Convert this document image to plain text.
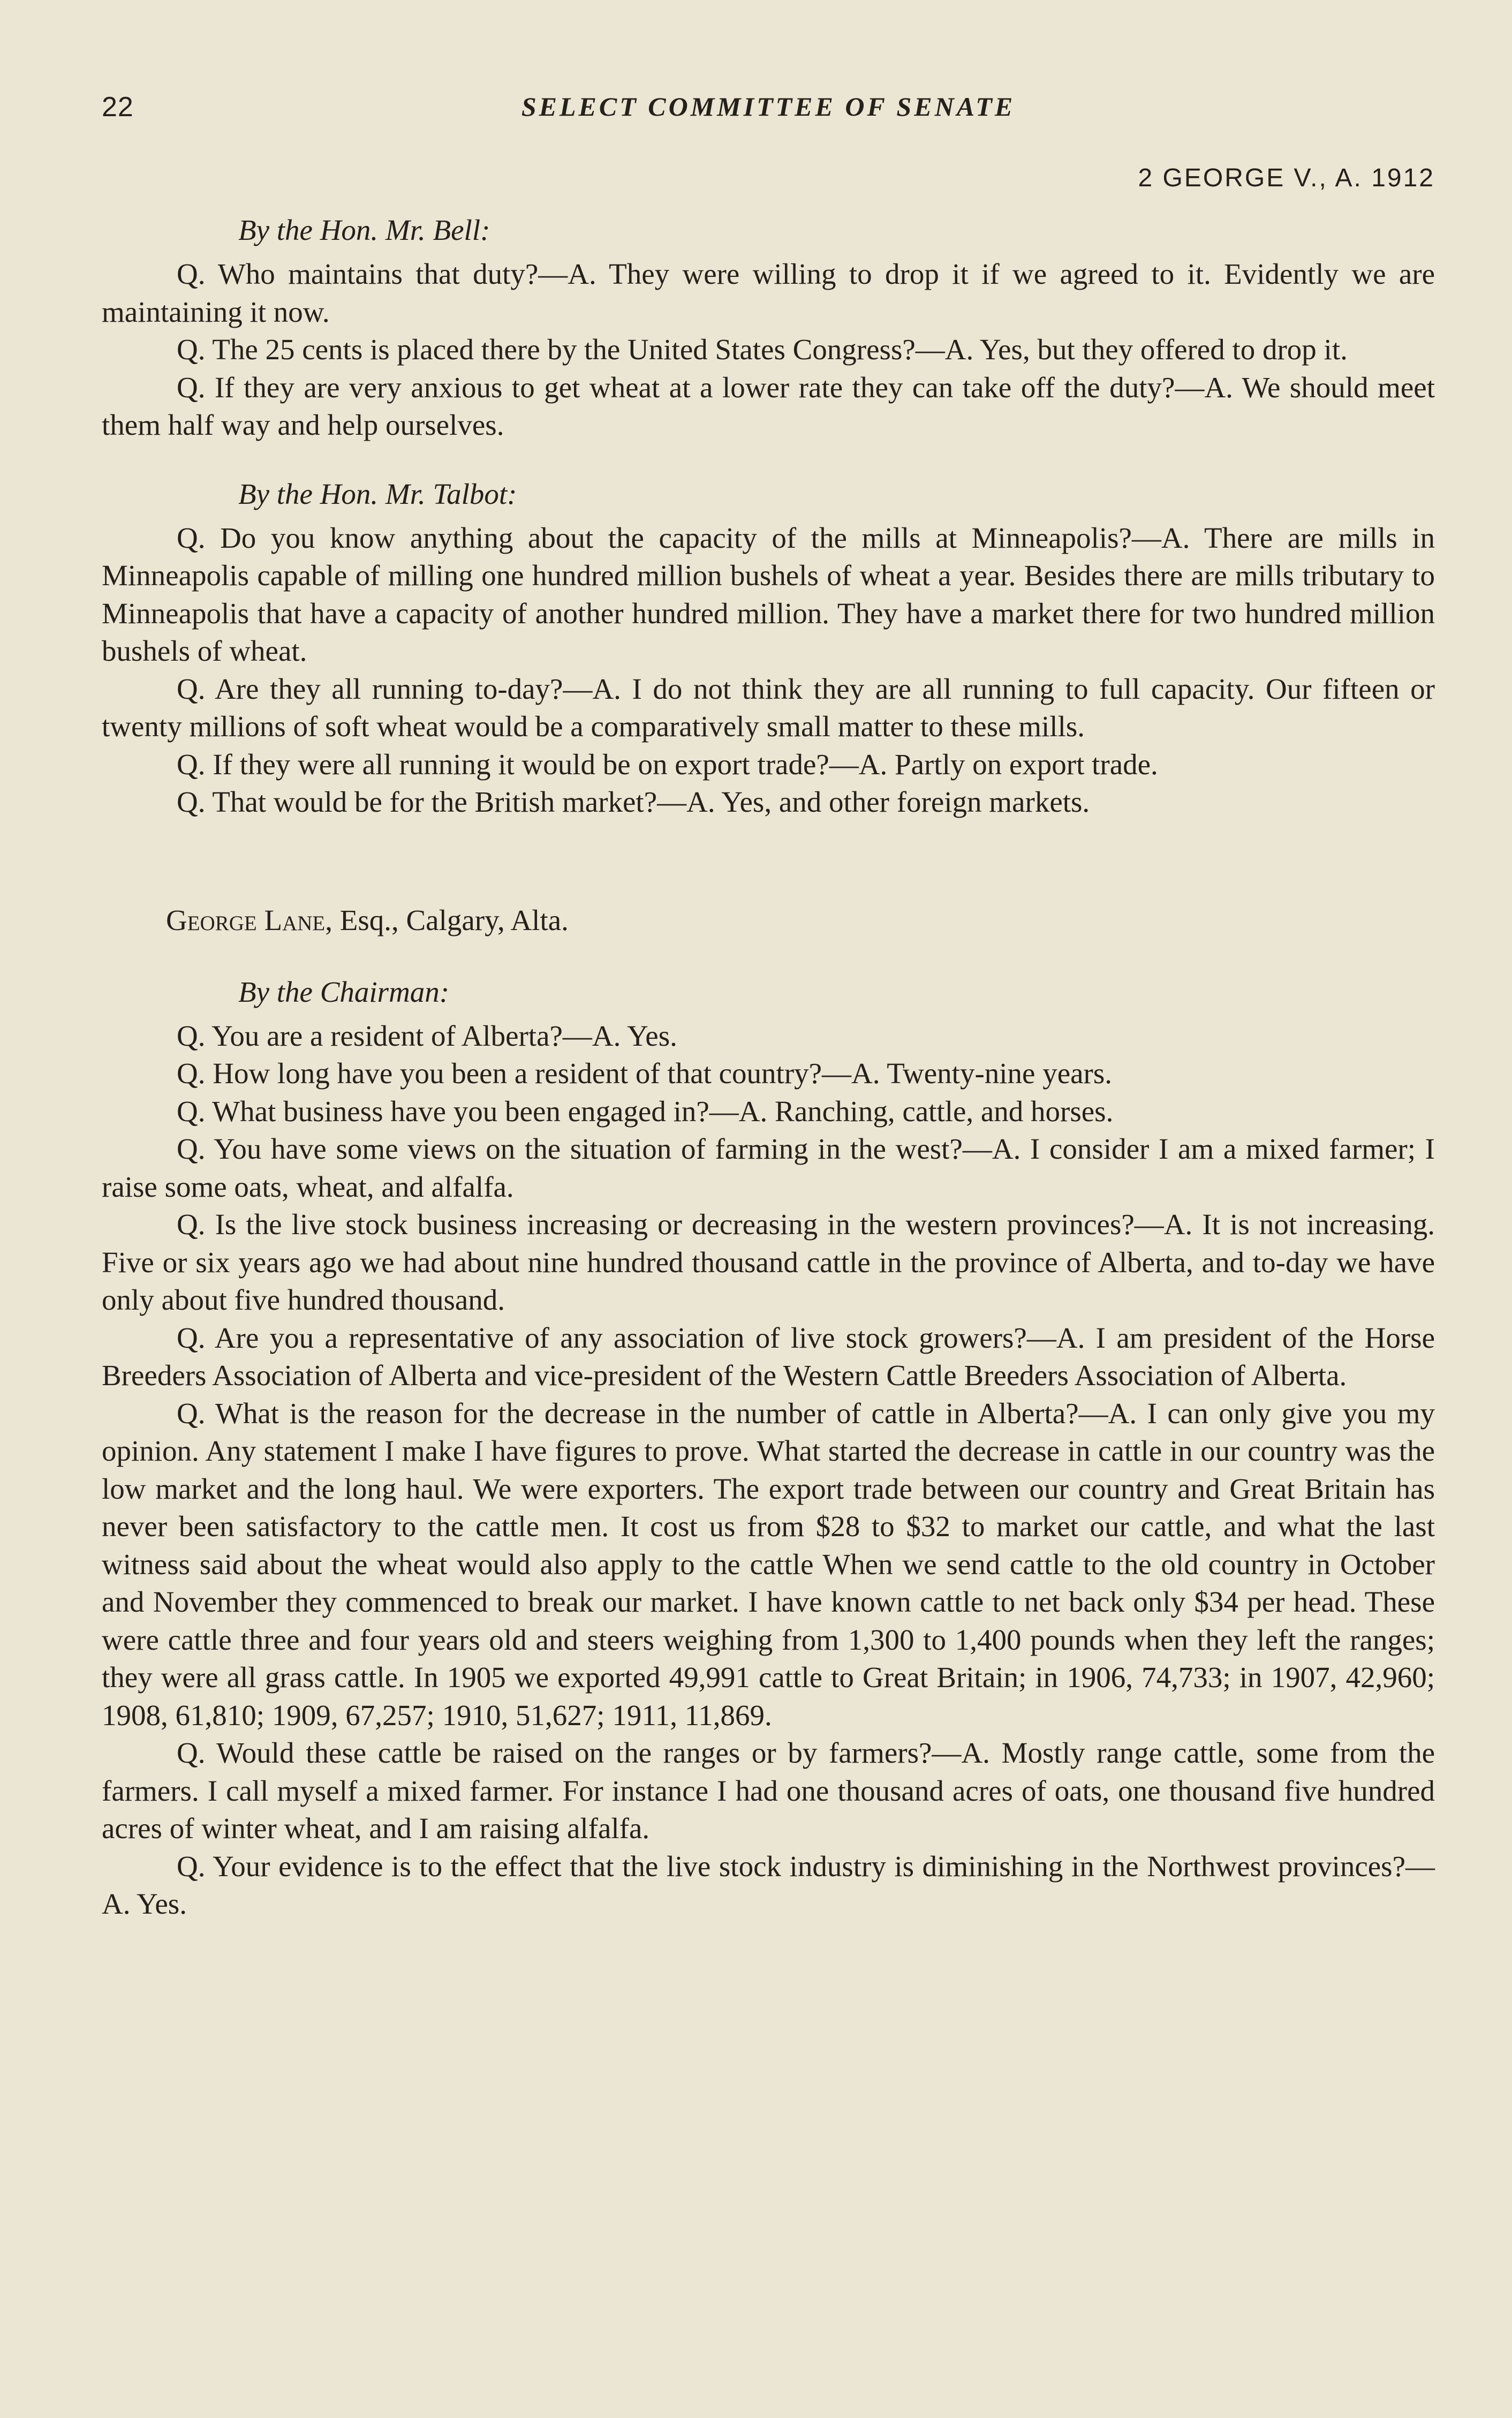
22	SELECT COMMITTEE OF SENATE
2 GEORGE V., A. 1912
By the Hon. Mr. Bell:

Q. Who maintains that duty?—A. They were willing to drop it if we agreed to it. Evidently we are maintaining it now.

Q. The 25 cents is placed there by the United States Congress?—A. Yes, but they offered to drop it.

Q. If they are very anxious to get wheat at a lower rate they can take off the duty?—A. We should meet them half way and help ourselves.

By the Hon. Mr. Talbot:

Q. Do you know anything about the capacity of the mills at Minneapolis?—A. There are mills in Minneapolis capable of milling one hundred million bushels of wheat a year. Besides there are mills tributary to Minneapolis that have a capacity of another hundred million. They have a market there for two hundred million bushels of wheat.

Q. Are they all running to-day?—A. I do not think they are all running to full capacity. Our fifteen or twenty millions of soft wheat would be a comparatively small matter to these mills.

Q. If they were all running it would be on export trade?—A. Partly on export trade.

Q. That would be for the British market?—A. Yes, and other foreign markets.

George Lane, Esq., Calgary, Alta.
By the Chairman:

Q. You are a resident of Alberta?—A. Yes.

Q. How long have you been a resident of that country?—A. Twenty-nine years.

Q. What business have you been engaged in?—A. Ranching, cattle, and horses.

Q. You have some views on the situation of farming in the west?—A. I consider I am a mixed farmer; I raise some oats, wheat, and alfalfa.

Q. Is the live stock business increasing or decreasing in the western provinces?—A. It is not increasing. Five or six years ago we had about nine hundred thousand cattle in the province of Alberta, and to-day we have only about five hundred thousand.

Q. Are you a representative of any association of live stock growers?—A. I am president of the Horse Breeders Association of Alberta and vice-president of the Western Cattle Breeders Association of Alberta.

Q. What is the reason for the decrease in the number of cattle in Alberta?—A. I can only give you my opinion. Any statement I make I have figures to prove. What started the decrease in cattle in our country was the low market and the long haul. We were exporters. The export trade between our country and Great Britain has never been satisfactory to the cattle men. It cost us from $28 to $32 to market our cattle, and what the last witness said about the wheat would also apply to the cattle When we send cattle to the old country in October and November they commenced to break our market. I have known cattle to net back only $34 per head. These were cattle three and four years old and steers weighing from 1,300 to 1,400 pounds when they left the ranges; they were all grass cattle. In 1905 we exported 49,991 cattle to Great Britain; in 1906, 74,733; in 1907, 42,960; 1908, 61,810; 1909, 67,257; 1910, 51,627; 1911, 11,869.

Q. Would these cattle be raised on the ranges or by farmers?—A. Mostly range cattle, some from the farmers. I call myself a mixed farmer. For instance I had one thousand acres of oats, one thousand five hundred acres of winter wheat, and I am raising alfalfa.

Q. Your evidence is to the effect that the live stock industry is diminishing in the Northwest provinces?—A. Yes.
